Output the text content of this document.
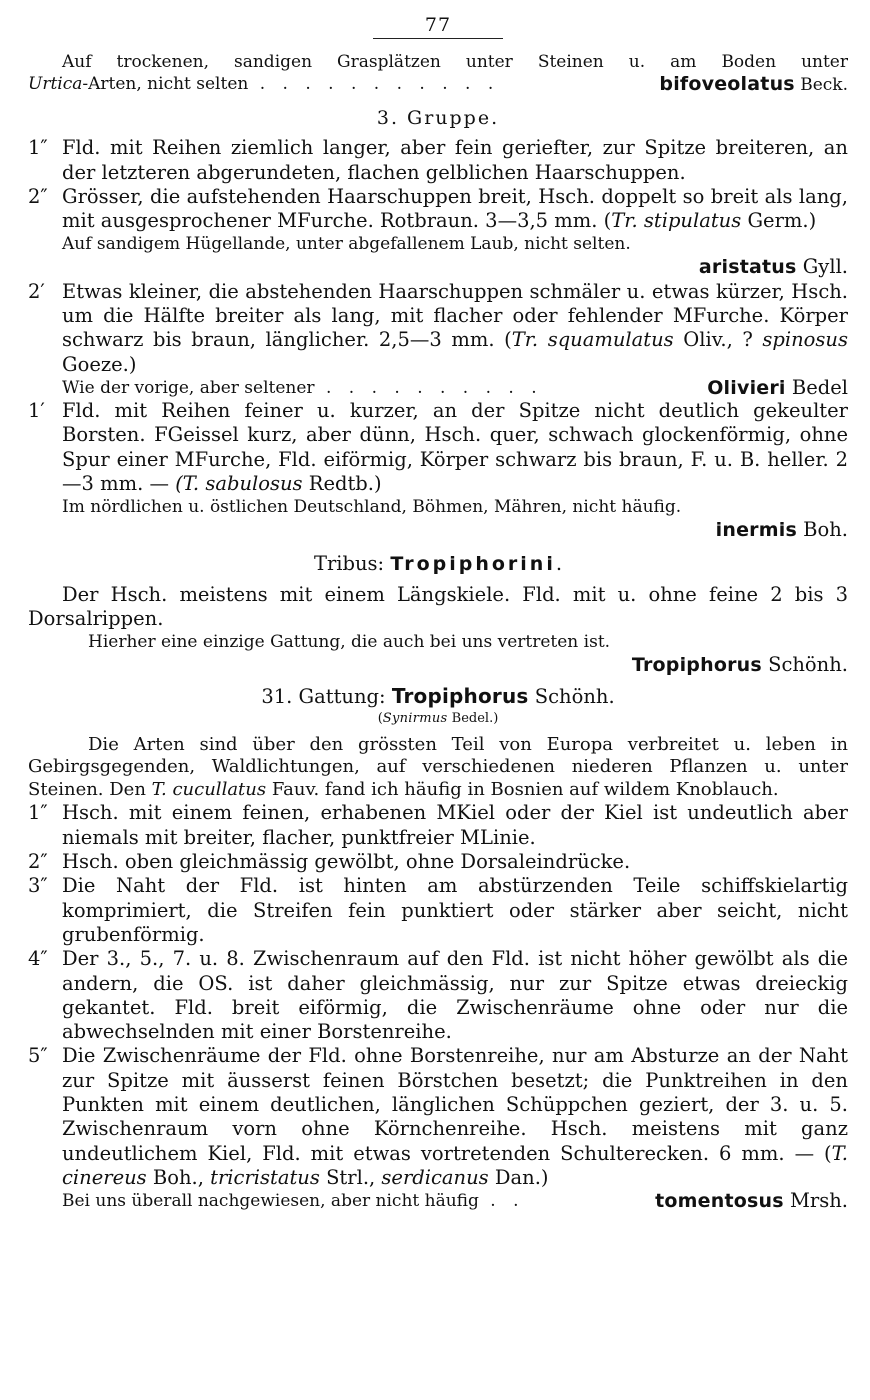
77

Auf trockenen, sandigen Grasplätzen unter Steinen u. am Boden unter

Urtica-Arten, nicht selten . . . . . . . . . . .	bifoveolatus Beck.

3. Gruppe.

1″ Fld. mit Reihen ziemlich langer, aber fein geriefter, zur Spitze breiteren, an der letzteren abgerundeten, flachen gelblichen Haarschuppen.

2″ Grösser, die aufstehenden Haarschuppen breit, Hsch. doppelt so breit als lang, mit ausgesprochener MFurche. Rotbraun. 3—3,5 mm. (Tr. stipulatus Germ.)

Auf sandigem Hügellande, unter abgefallenem Laub, nicht selten.

aristatus Gyll.

2′ Etwas kleiner, die abstehenden Haarschuppen schmäler u. etwas kürzer, Hsch. um die Hälfte breiter als lang, mit flacher oder fehlender MFurche. Körper schwarz bis braun, länglicher. 2,5—3 mm. (Tr. squamulatus Oliv., ? spinosus Goeze.)

Wie der vorige, aber seltener . . . . . . . . . .	Olivieri Bedel

1′ Fld. mit Reihen feiner u. kurzer, an der Spitze nicht deutlich gekeulter Borsten. FGeissel kurz, aber dünn, Hsch. quer, schwach glockenförmig, ohne Spur einer MFurche, Fld. eiförmig, Körper schwarz bis braun, F. u. B. heller. 2—3 mm. — (T. sabulosus Redtb.)

Im nördlichen u. östlichen Deutschland, Böhmen, Mähren, nicht häufig.

inermis Boh.

Tribus: Tropiphorini.

Der Hsch. meistens mit einem Längskiele. Fld. mit u. ohne feine 2 bis 3 Dorsalrippen.

Hierher eine einzige Gattung, die auch bei uns vertreten ist.

Tropiphorus Schönh.

31. Gattung: Tropiphorus Schönh.

(Synirmus Bedel.)

Die Arten sind über den grössten Teil von Europa verbreitet u. leben in Gebirgsgegenden, Waldlichtungen, auf verschiedenen niederen Pflanzen u. unter Steinen. Den T. cucullatus Fauv. fand ich häufig in Bosnien auf wildem Knoblauch.

1″ Hsch. mit einem feinen, erhabenen MKiel oder der Kiel ist undeutlich aber niemals mit breiter, flacher, punktfreier MLinie.

2″ Hsch. oben gleichmässig gewölbt, ohne Dorsaleindrücke.

3″ Die Naht der Fld. ist hinten am abstürzenden Teile schiffskielartig komprimiert, die Streifen fein punktiert oder stärker aber seicht, nicht grubenförmig.

4″ Der 3., 5., 7. u. 8. Zwischenraum auf den Fld. ist nicht höher gewölbt als die andern, die OS. ist daher gleichmässig, nur zur Spitze etwas dreieckig gekantet. Fld. breit eiförmig, die Zwischenräume ohne oder nur die abwechselnden mit einer Borstenreihe.

5″ Die Zwischenräume der Fld. ohne Borstenreihe, nur am Absturze an der Naht zur Spitze mit äusserst feinen Börstchen besetzt; die Punktreihen in den Punkten mit einem deutlichen, länglichen Schüppchen geziert, der 3. u. 5. Zwischenraum vorn ohne Körnchenreihe. Hsch. meistens mit ganz undeutlichem Kiel, Fld. mit etwas vortretenden Schulterecken. 6 mm. — (T. cinereus Boh., tricristatus Strl., serdicanus Dan.)

Bei uns überall nachgewiesen, aber nicht häufig . .	tomentosus Mrsh.
